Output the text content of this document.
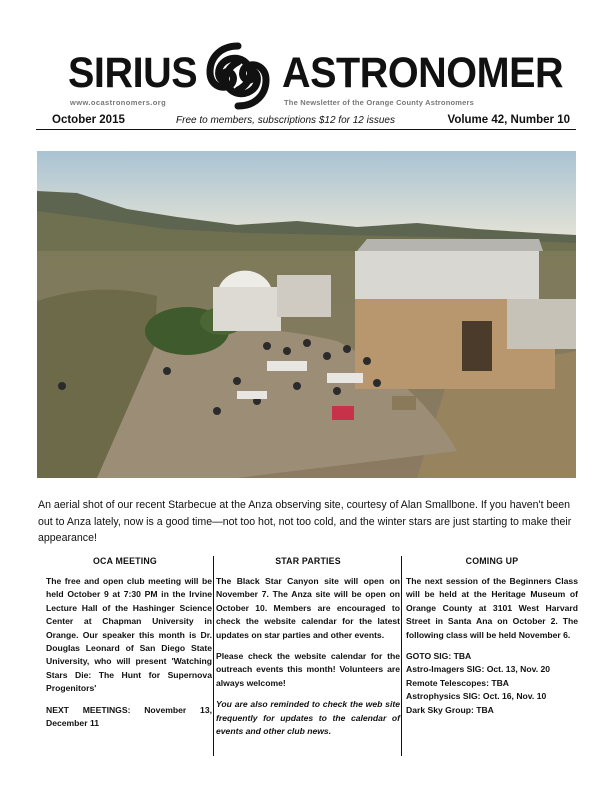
SIRIUS ASTRONOMER
www.ocastronomers.org	The Newsletter of the Orange County Astronomers
October 2015	Free to members, subscriptions $12 for 12 issues	Volume 42, Number 10
An aerial shot of our recent Starbecue at the Anza observing site, courtesy of Alan Smallbone. If you haven't been out to Anza lately, now is a good time—not too hot, not too cold, and the winter stars are just starting to make their appearance!
OCA MEETING

The free and open club meeting will be held October 9 at 7:30 PM in the Irvine Lecture Hall of the Hashinger Science Center at Chapman University in Orange. Our speaker this month is Dr. Douglas Leonard of San Diego State University, who will present 'Watching Stars Die: The Hunt for Supernova Progenitors'

NEXT MEETINGS: November 13, December 11

STAR PARTIES

The Black Star Canyon site will open on November 7. The Anza site will be open on October 10. Members are encouraged to check the website calendar for the latest updates on star parties and other events.

Please check the website calendar for the outreach events this month! Volunteers are always welcome!

You are also reminded to check the web site frequently for updates to the calendar of events and other club news.

COMING UP

The next session of the Beginners Class will be held at the Heritage Museum of Orange County at 3101 West Harvard Street in Santa Ana on October 2. The following class will be held November 6.

GOTO SIG: TBA
Astro-Imagers SIG: Oct. 13, Nov. 20
Remote Telescopes: TBA
Astrophysics SIG: Oct. 16, Nov. 10
Dark Sky Group: TBA
